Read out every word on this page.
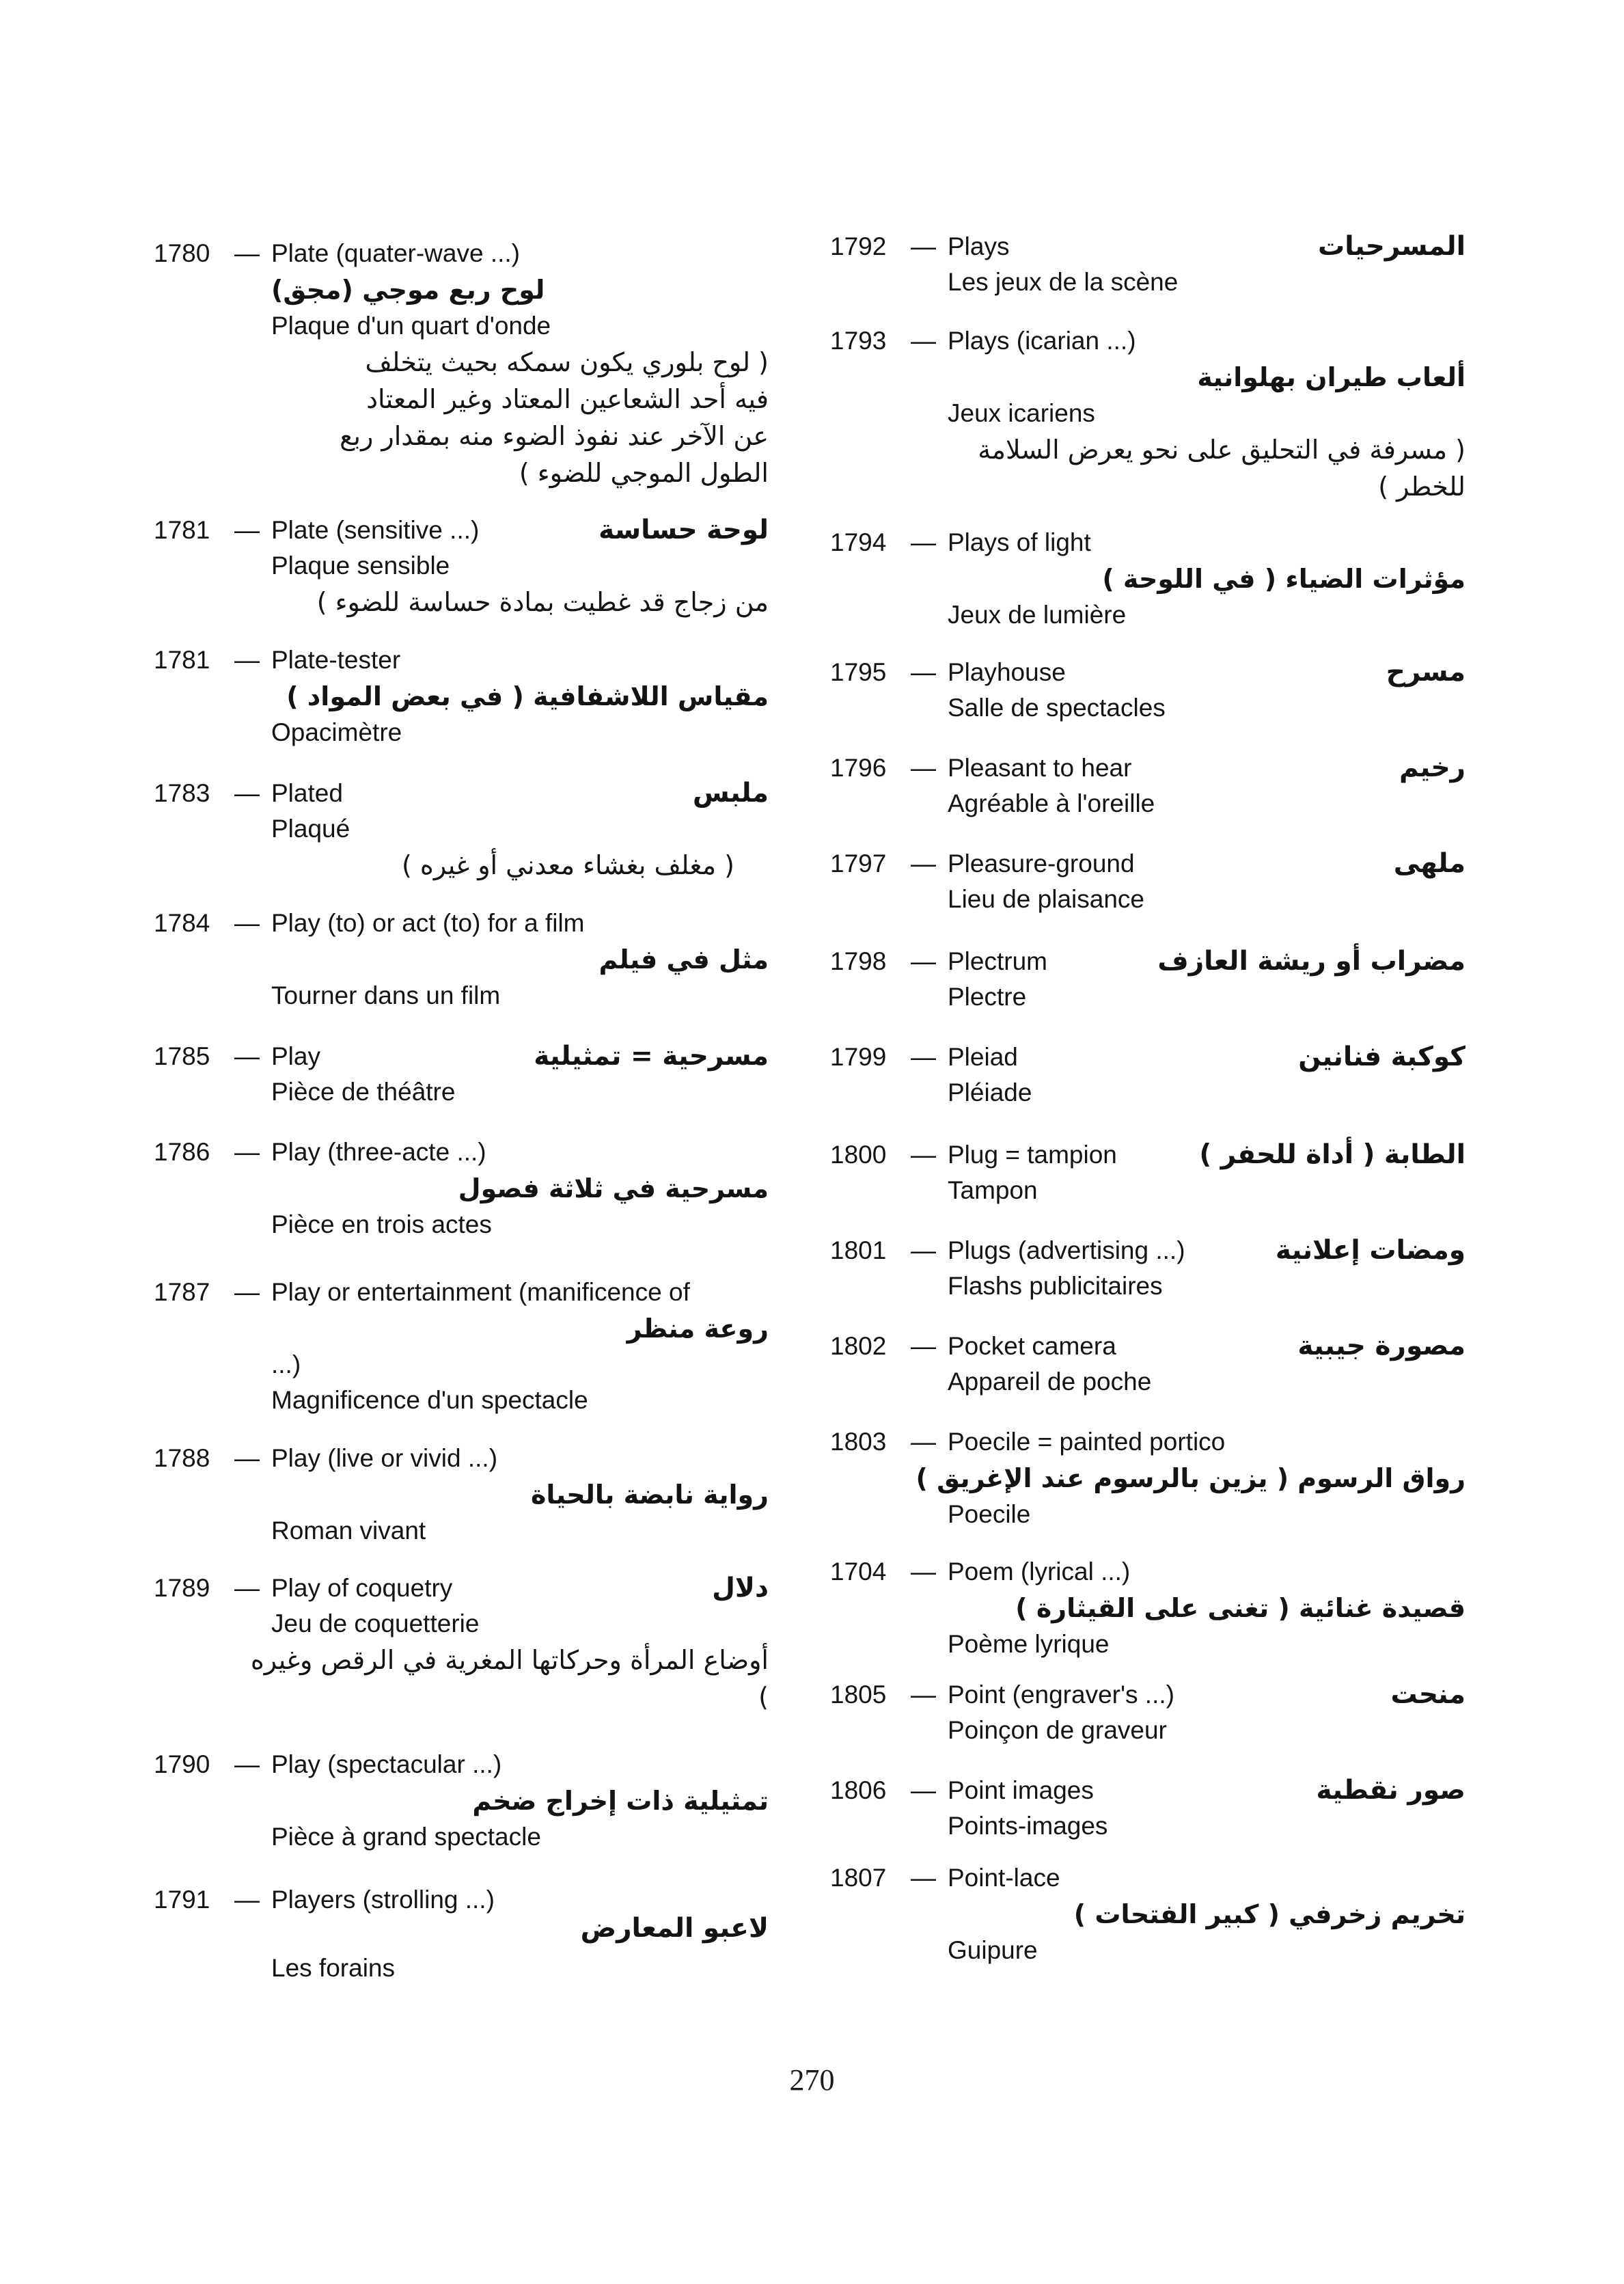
1780 — Plate (quater-wave ...)
لوح ربع موجي (مجق)
Plaque d'un quart d'onde
( لوح بلوري يكون سمكه بحيث يتخلف فيه أحد الشعاعين المعتاد وغير المعتاد عن الآخر عند نفوذ الضوء منه بمقدار ربع الطول الموجي للضوء )
1781 — Plate (sensitive ...)	لوحة حساسة
Plaque sensible
من زجاج قد غطيت بمادة حساسة للضوء )
1781 — Plate-tester
مقياس اللاشفافية ( في بعض المواد )
Opacimètre
1783 — Plated	ملبس
Plaqué
( مغلف بغشاء معدني أو غيره )
1784 — Play (to) or act (to) for a film
مثل في فيلم
Tourner dans un film
1785 — Play	مسرحية = تمثيلية
Pièce de théâtre
1786 — Play (three-acte ...)
مسرحية في ثلاثة فصول
Pièce en trois actes
1787 — Play or entertainment (manificence of
روعة منظر
...)
Magnificence d'un spectacle
1788 — Play (live or vivid ...)
رواية نابضة بالحياة
Roman vivant
1789 — Play of coquetry	دلال
Jeu de coquetterie
أوضاع المرأة وحركاتها المغرية في الرقص وغيره )
1790 — Play (spectacular ...)
تمثيلية ذات إخراج ضخم
Pièce à grand spectacle
1791 — Players (strolling ...)
لاعبو المعارض
Les forains
1792 — Plays	المسرحيات
Les jeux de la scène
1793 — Plays (icarian ...)
ألعاب طيران بهلوانية
Jeux icariens
( مسرفة في التحليق على نحو يعرض السلامة للخطر )
1794 — Plays of light
مؤثرات الضياء ( في اللوحة )
Jeux de lumière
1795 — Playhouse	مسرح
Salle de spectacles
1796 — Pleasant to hear	رخيم
Agréable à l'oreille
1797 — Pleasure-ground	ملهى
Lieu de plaisance
1798 — Plectrum	مضراب أو ريشة العازف
Plectre
1799 — Pleiad	كوكبة فنانين
Pléiade
1800 — Plug = tampion	الطابة ( أداة للحفر )
Tampon
1801 — Plugs (advertising ...)	ومضات إعلانية
Flashs publicitaires
1802 — Pocket camera	مصورة جيبية
Appareil de poche
1803 — Poecile = painted portico
رواق الرسوم ( يزين بالرسوم عند الإغريق )
Poecile
1704 — Poem (lyrical ...)
قصيدة غنائية ( تغنى على القيثارة )
Poème lyrique
1805 — Point (engraver's ...)	منحت
Poinçon de graveur
1806 — Point images	صور نقطية
Points-images
1807 — Point-lace
تخريم زخرفي ( كبير الفتحات )
Guipure
270
